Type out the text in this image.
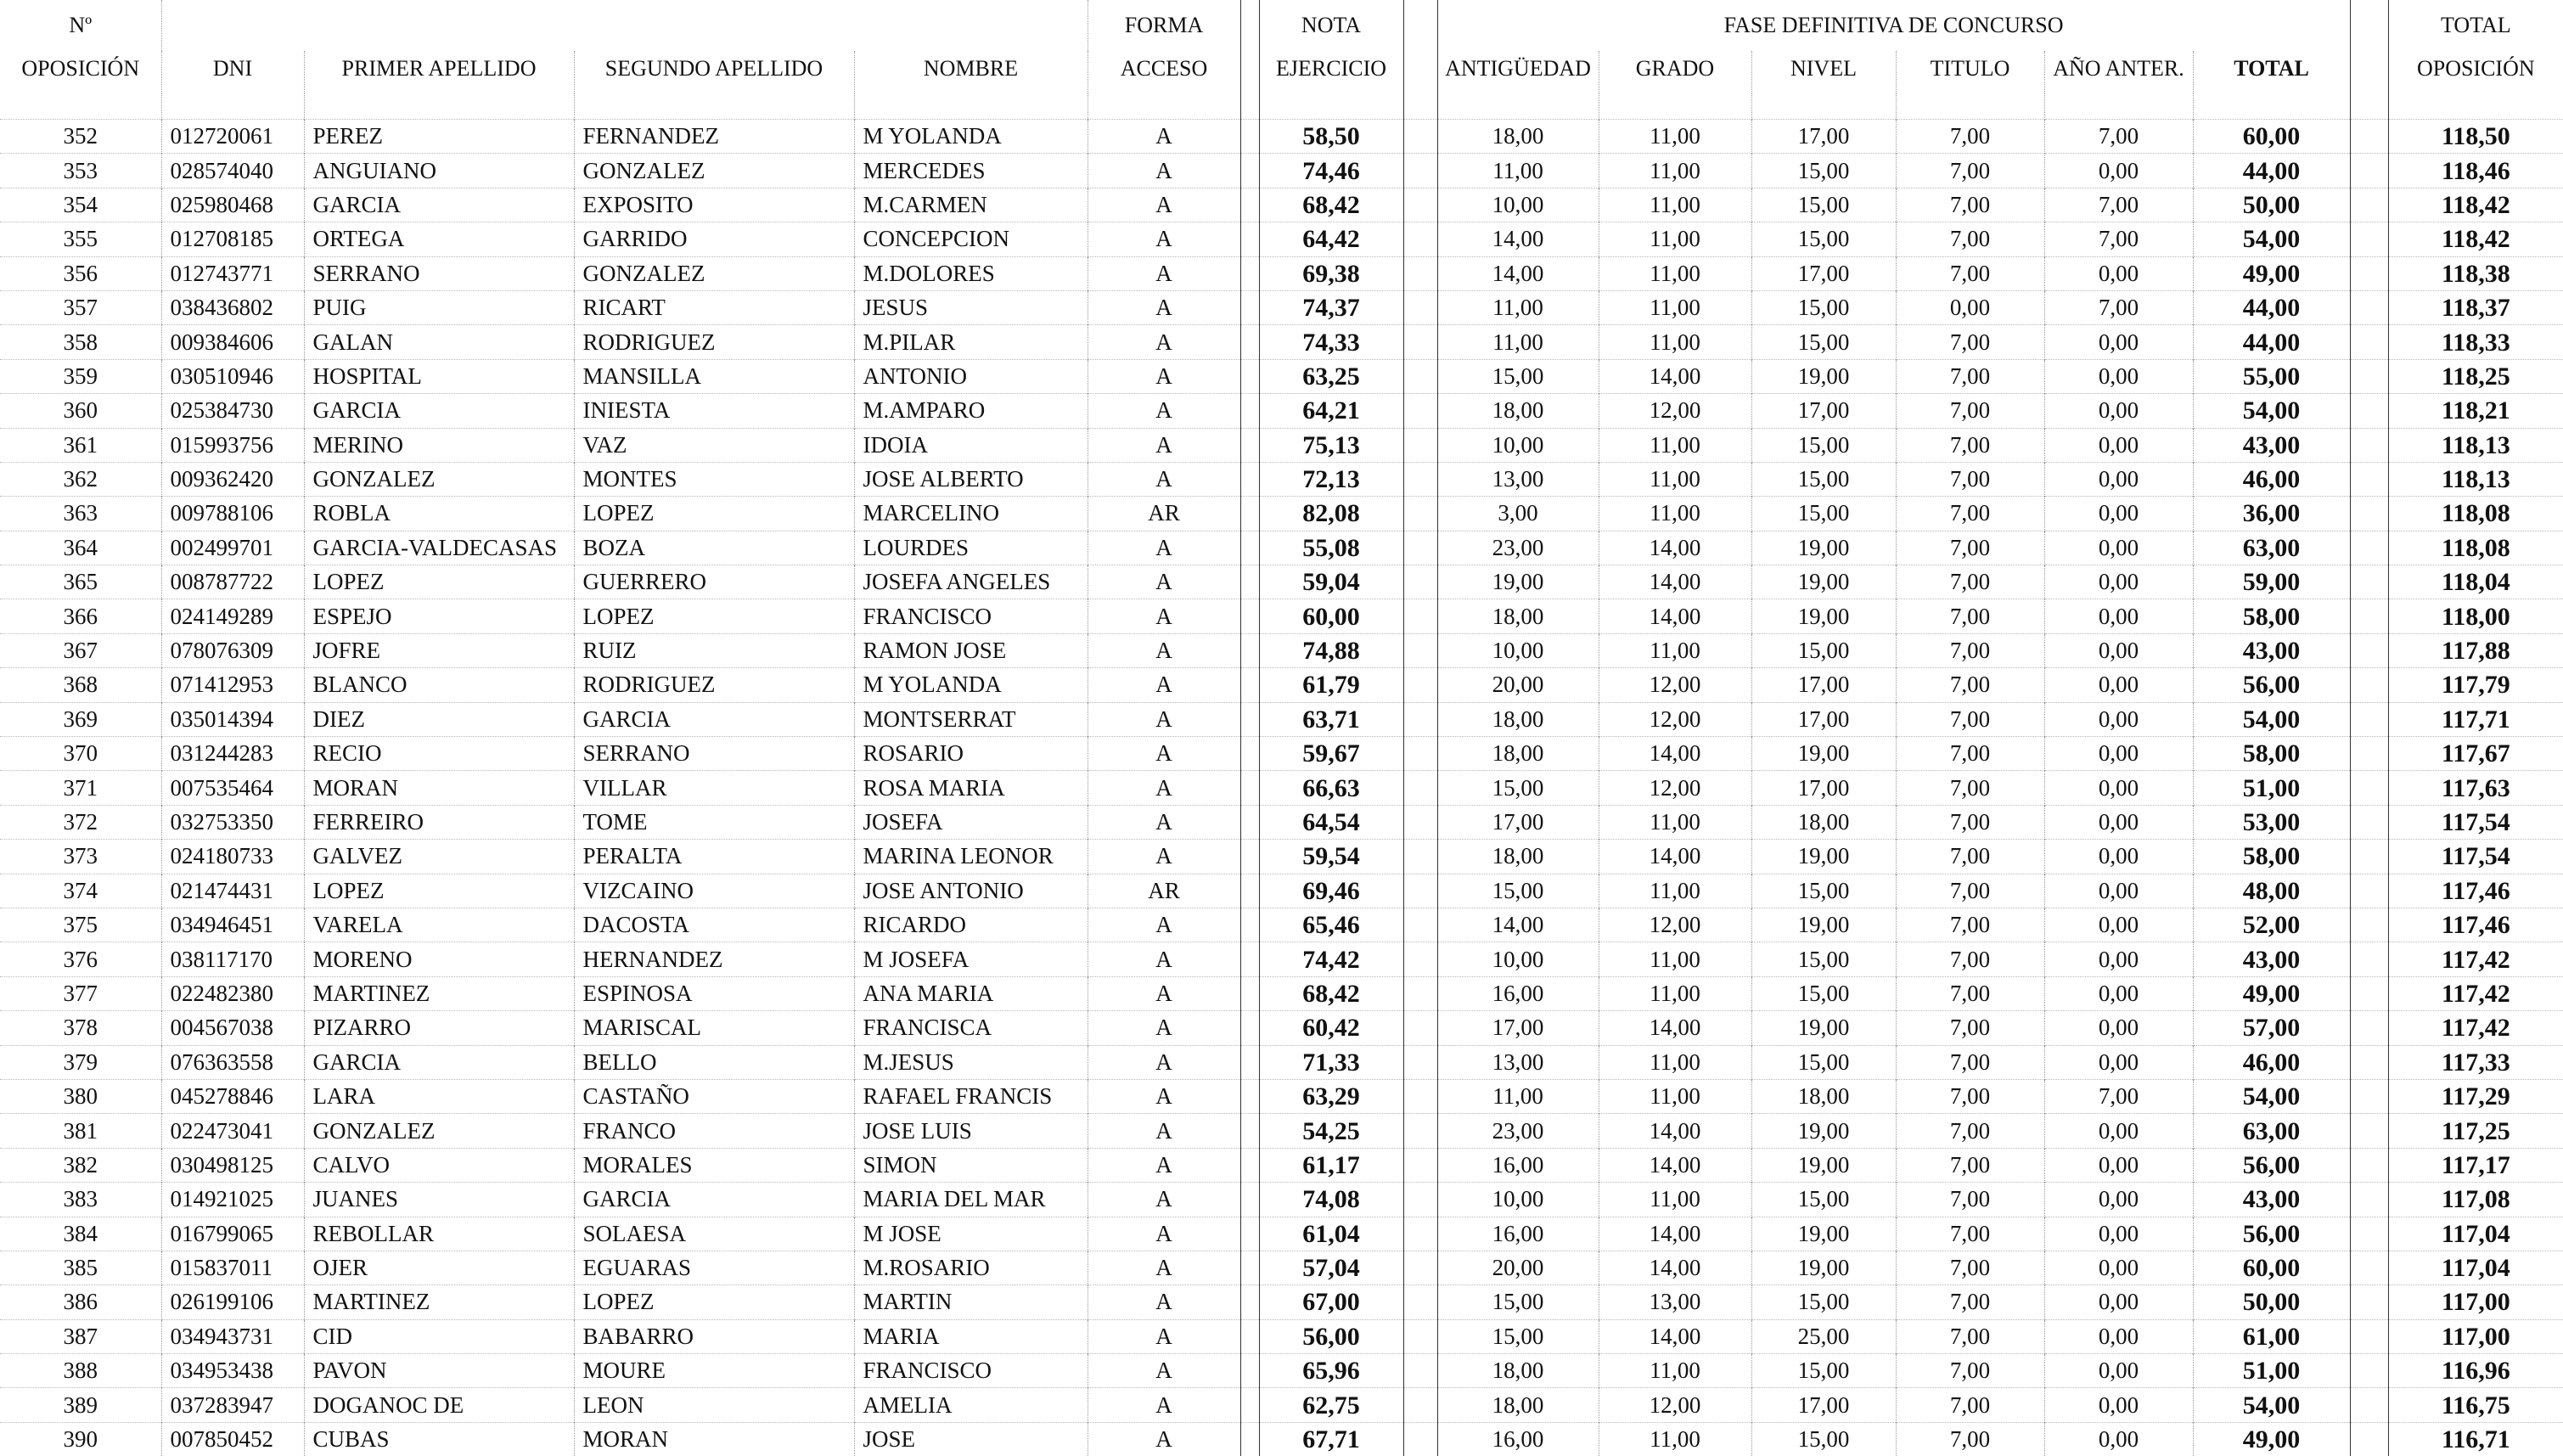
Nº					FORMA		NOTA		FASE DEFINITIVA DE CONCURSO							TOTAL
OPOSICIÓN	DNI	PRIMER APELLIDO	SEGUNDO APELLIDO	NOMBRE	ACCESO		EJERCICIO		ANTIGÜEDAD	GRADO	NIVEL	TITULO	AÑO ANTER.	TOTAL		OPOSICIÓN

352	012720061	PEREZ	FERNANDEZ	M YOLANDA	A		58,50		18,00	11,00	17,00	7,00	7,00	60,00		118,50
353	028574040	ANGUIANO	GONZALEZ	MERCEDES	A		74,46		11,00	11,00	15,00	7,00	0,00	44,00		118,46
354	025980468	GARCIA	EXPOSITO	M.CARMEN	A		68,42		10,00	11,00	15,00	7,00	7,00	50,00		118,42
355	012708185	ORTEGA	GARRIDO	CONCEPCION	A		64,42		14,00	11,00	15,00	7,00	7,00	54,00		118,42
356	012743771	SERRANO	GONZALEZ	M.DOLORES	A		69,38		14,00	11,00	17,00	7,00	0,00	49,00		118,38
357	038436802	PUIG	RICART	JESUS	A		74,37		11,00	11,00	15,00	0,00	7,00	44,00		118,37
358	009384606	GALAN	RODRIGUEZ	M.PILAR	A		74,33		11,00	11,00	15,00	7,00	0,00	44,00		118,33
359	030510946	HOSPITAL	MANSILLA	ANTONIO	A		63,25		15,00	14,00	19,00	7,00	0,00	55,00		118,25
360	025384730	GARCIA	INIESTA	M.AMPARO	A		64,21		18,00	12,00	17,00	7,00	0,00	54,00		118,21
361	015993756	MERINO	VAZ	IDOIA	A		75,13		10,00	11,00	15,00	7,00	0,00	43,00		118,13
362	009362420	GONZALEZ	MONTES	JOSE ALBERTO	A		72,13		13,00	11,00	15,00	7,00	0,00	46,00		118,13
363	009788106	ROBLA	LOPEZ	MARCELINO	AR		82,08		3,00	11,00	15,00	7,00	0,00	36,00		118,08
364	002499701	GARCIA-VALDECASAS	BOZA	LOURDES	A		55,08		23,00	14,00	19,00	7,00	0,00	63,00		118,08
365	008787722	LOPEZ	GUERRERO	JOSEFA ANGELES	A		59,04		19,00	14,00	19,00	7,00	0,00	59,00		118,04
366	024149289	ESPEJO	LOPEZ	FRANCISCO	A		60,00		18,00	14,00	19,00	7,00	0,00	58,00		118,00
367	078076309	JOFRE	RUIZ	RAMON JOSE	A		74,88		10,00	11,00	15,00	7,00	0,00	43,00		117,88
368	071412953	BLANCO	RODRIGUEZ	M YOLANDA	A		61,79		20,00	12,00	17,00	7,00	0,00	56,00		117,79
369	035014394	DIEZ	GARCIA	MONTSERRAT	A		63,71		18,00	12,00	17,00	7,00	0,00	54,00		117,71
370	031244283	RECIO	SERRANO	ROSARIO	A		59,67		18,00	14,00	19,00	7,00	0,00	58,00		117,67
371	007535464	MORAN	VILLAR	ROSA MARIA	A		66,63		15,00	12,00	17,00	7,00	0,00	51,00		117,63
372	032753350	FERREIRO	TOME	JOSEFA	A		64,54		17,00	11,00	18,00	7,00	0,00	53,00		117,54
373	024180733	GALVEZ	PERALTA	MARINA LEONOR	A		59,54		18,00	14,00	19,00	7,00	0,00	58,00		117,54
374	021474431	LOPEZ	VIZCAINO	JOSE ANTONIO	AR		69,46		15,00	11,00	15,00	7,00	0,00	48,00		117,46
375	034946451	VARELA	DACOSTA	RICARDO	A		65,46		14,00	12,00	19,00	7,00	0,00	52,00		117,46
376	038117170	MORENO	HERNANDEZ	M JOSEFA	A		74,42		10,00	11,00	15,00	7,00	0,00	43,00		117,42
377	022482380	MARTINEZ	ESPINOSA	ANA MARIA	A		68,42		16,00	11,00	15,00	7,00	0,00	49,00		117,42
378	004567038	PIZARRO	MARISCAL	FRANCISCA	A		60,42		17,00	14,00	19,00	7,00	0,00	57,00		117,42
379	076363558	GARCIA	BELLO	M.JESUS	A		71,33		13,00	11,00	15,00	7,00	0,00	46,00		117,33
380	045278846	LARA	CASTAÑO	RAFAEL FRANCIS	A		63,29		11,00	11,00	18,00	7,00	7,00	54,00		117,29
381	022473041	GONZALEZ	FRANCO	JOSE LUIS	A		54,25		23,00	14,00	19,00	7,00	0,00	63,00		117,25
382	030498125	CALVO	MORALES	SIMON	A		61,17		16,00	14,00	19,00	7,00	0,00	56,00		117,17
383	014921025	JUANES	GARCIA	MARIA DEL MAR	A		74,08		10,00	11,00	15,00	7,00	0,00	43,00		117,08
384	016799065	REBOLLAR	SOLAESA	M JOSE	A		61,04		16,00	14,00	19,00	7,00	0,00	56,00		117,04
385	015837011	OJER	EGUARAS	M.ROSARIO	A		57,04		20,00	14,00	19,00	7,00	0,00	60,00		117,04
386	026199106	MARTINEZ	LOPEZ	MARTIN	A		67,00		15,00	13,00	15,00	7,00	0,00	50,00		117,00
387	034943731	CID	BABARRO	MARIA	A		56,00		15,00	14,00	25,00	7,00	0,00	61,00		117,00
388	034953438	PAVON	MOURE	FRANCISCO	A		65,96		18,00	11,00	15,00	7,00	0,00	51,00		116,96
389	037283947	DOGANOC DE	LEON	AMELIA	A		62,75		18,00	12,00	17,00	7,00	0,00	54,00		116,75
390	007850452	CUBAS	MORAN	JOSE	A		67,71		16,00	11,00	15,00	7,00	0,00	49,00		116,71
